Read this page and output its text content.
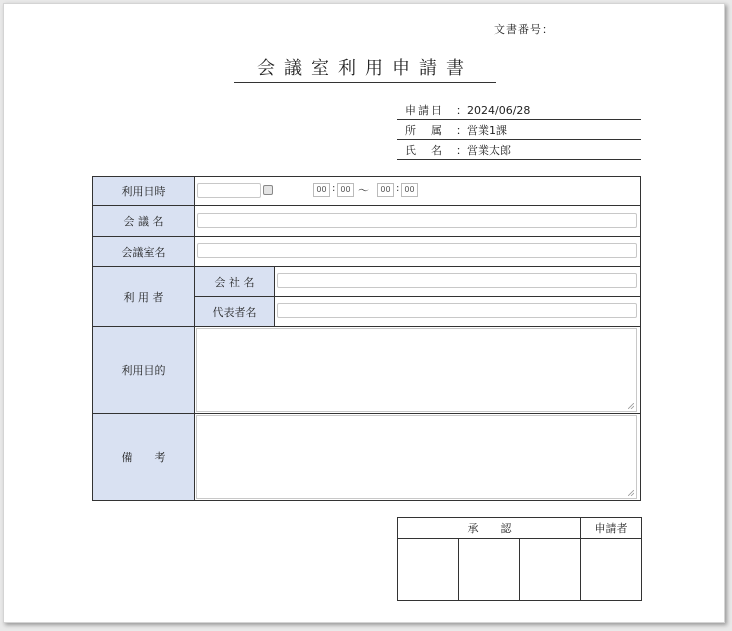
文書番号：
会議室利用申請書
申請日 ：2024/06/28
所　属 ：営業1課
氏　名 ：営業太郎
利用日時	00 : 00 ～	00 : 00
会 議 名
会議室名
利 用 者
会 社 名
代表者名
利用目的
備　　考
承　　認	申請者
